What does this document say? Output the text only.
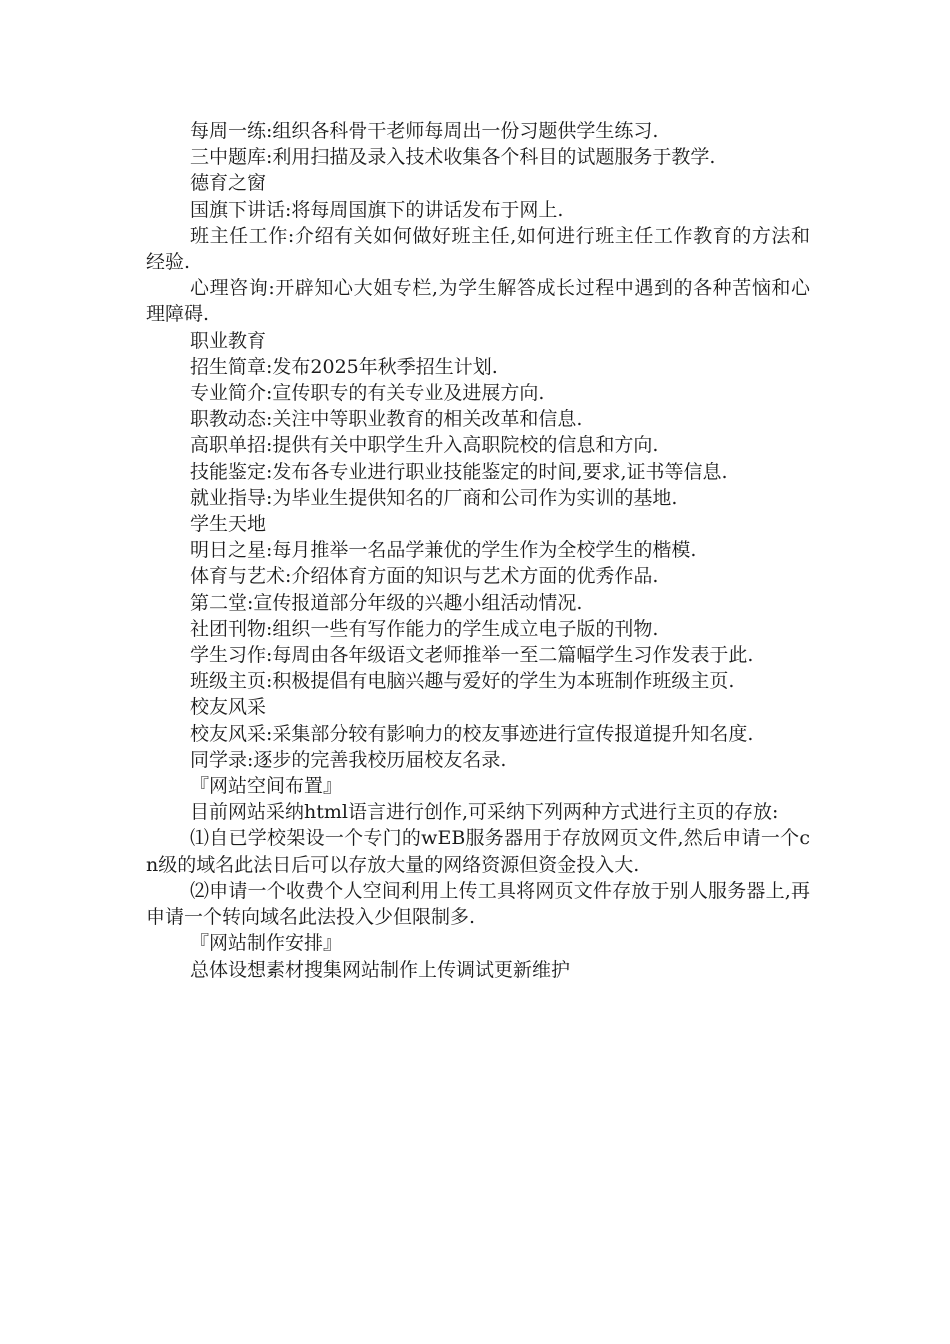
每周一练:组织各科骨干老师每周出一份习题供学生练习.

三中题库:利用扫描及录入技术收集各个科目的试题服务于教学.

德育之窗

国旗下讲话:将每周国旗下的讲话发布于网上.

班主任工作:介绍有关如何做好班主任,如何进行班主任工作教育的方法和经验.

心理咨询:开辟知心大姐专栏,为学生解答成长过程中遇到的各种苦恼和心理障碍.

职业教育

招生简章:发布2025年秋季招生计划.

专业简介:宣传职专的有关专业及进展方向.

职教动态:关注中等职业教育的相关改革和信息.

高职单招:提供有关中职学生升入高职院校的信息和方向.

技能鉴定:发布各专业进行职业技能鉴定的时间,要求,证书等信息.

就业指导:为毕业生提供知名的厂商和公司作为实训的基地.

学生天地

明日之星:每月推举一名品学兼优的学生作为全校学生的楷模.

体育与艺术:介绍体育方面的知识与艺术方面的优秀作品.

第二堂:宣传报道部分年级的兴趣小组活动情况.

社团刊物:组织一些有写作能力的学生成立电子版的刊物.

学生习作:每周由各年级语文老师推举一至二篇幅学生习作发表于此.

班级主页:积极提倡有电脑兴趣与爱好的学生为本班制作班级主页.

校友风采

校友风采:采集部分较有影响力的校友事迹进行宣传报道提升知名度.

同学录:逐步的完善我校历届校友名录.

『网站空间布置』

目前网站采纳html语言进行创作,可采纳下列两种方式进行主页的存放:

⑴自已学校架设一个专门的wEB服务器用于存放网页文件,然后申请一个cn级的域名此法日后可以存放大量的网络资源但资金投入大.

⑵申请一个收费个人空间利用上传工具将网页文件存放于别人服务器上,再申请一个转向域名此法投入少但限制多.

『网站制作安排』

总体设想素材搜集网站制作上传调试更新维护
